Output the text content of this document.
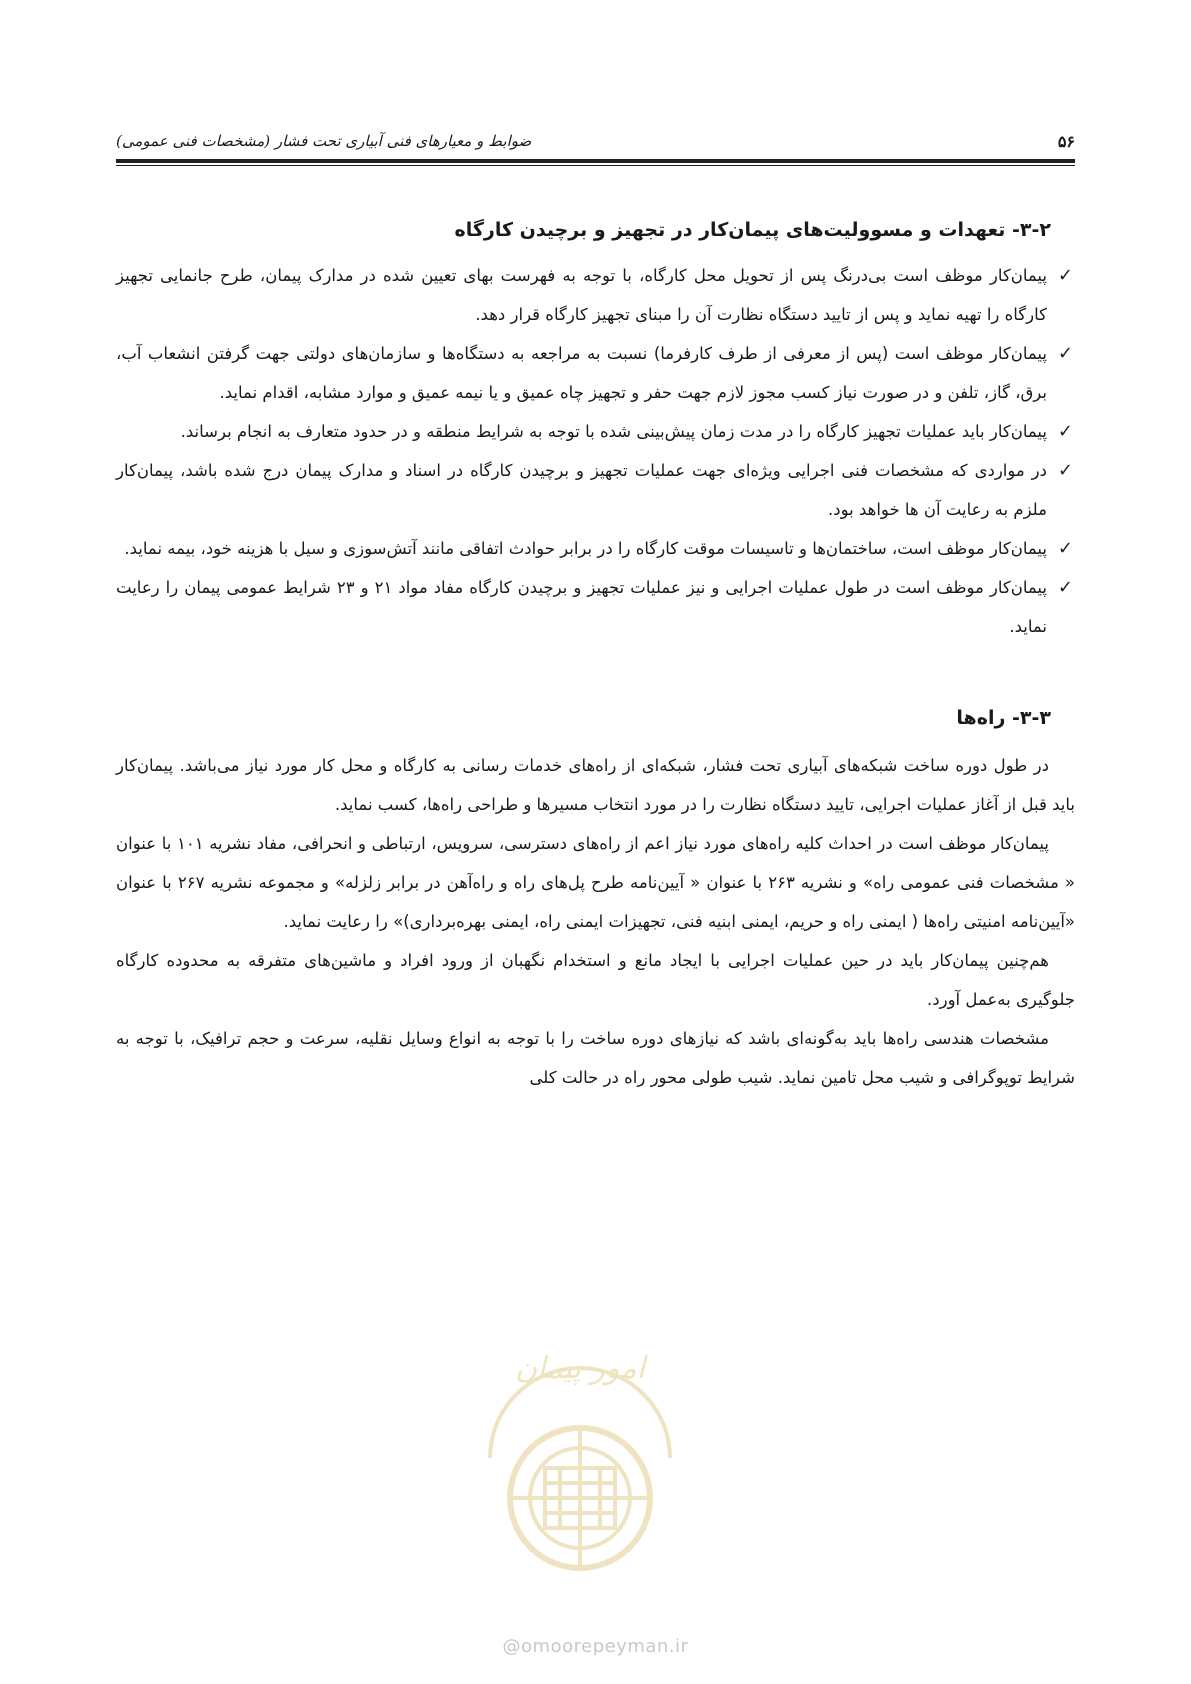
۵۶
ضوابط و معیارهای فنی آبیاری تحت فشار (مشخصات فنی عمومی)
۳-۲- تعهدات و مسوولیت‌های پیمان‌کار در تجهیز و برچیدن کارگاه
✓
پیمان‌کار موظف است بی‌درنگ پس از تحویل محل کارگاه، با توجه به فهرست بهای تعیین شده در مدارک پیمان، طرح جانمایی تجهیز کارگاه را تهیه نماید و پس از تایید دستگاه نظارت آن را مبنای تجهیز کارگاه قرار دهد.
✓
پیمان‌کار موظف است (پس از معرفی از طرف کارفرما) نسبت به مراجعه به دستگاه‌ها و سازمان‌های دولتی جهت گرفتن انشعاب آب، برق، گاز، تلفن و در صورت نیاز کسب مجوز لازم جهت حفر و تجهیز چاه عمیق و یا نیمه عمیق و موارد مشابه، اقدام نماید.
✓
پیمان‌کار باید عملیات تجهیز کارگاه را در مدت زمان پیش‌بینی شده با توجه به شرایط منطقه و در حدود متعارف به انجام برساند.
✓
در مواردی که مشخصات فنی اجرایی ویژه‌ای جهت عملیات تجهیز و برچیدن کارگاه در اسناد و مدارک پیمان درج شده باشد، پیمان‌کار ملزم به رعایت آن ها خواهد بود.
✓
پیمان‌کار موظف است، ساختمان‌ها و تاسیسات موقت کارگاه را در برابر حوادث اتفاقی مانند آتش‌سوزی و سیل با هزینه خود، بیمه نماید.
✓
پیمان‌کار موظف است در طول عملیات اجرایی و نیز عملیات تجهیز و برچیدن کارگاه مفاد مواد ۲۱ و ۲۳ شرایط عمومی پیمان را رعایت نماید.
۳-۳- راه‌ها

در طول دوره ساخت شبکه‌های آبیاری تحت فشار، شبکه‌ای از راه‌های خدمات رسانی به کارگاه و محل کار مورد نیاز می‌باشد. پیمان‌کار باید قبل از آغاز عملیات اجرایی، تایید دستگاه نظارت را در مورد انتخاب مسیرها و طراحی راه‌ها، کسب نماید.

پیمان‌کار موظف است در احداث کلیه راه‌های مورد نیاز اعم از راه‌های دسترسی، سرویس، ارتباطی و انحرافی، مفاد نشریه ۱۰۱ با عنوان « مشخصات فنی عمومی راه» و نشریه ۲۶۳ با عنوان « آیین‌نامه طرح پل‌های راه و راه‌آهن در برابر زلزله» و مجموعه نشریه ۲۶۷ با عنوان «آیین‌نامه امنیتی راه‌ها ( ایمنی راه و حریم، ایمنی ابنیه فنی، تجهیزات ایمنی راه، ایمنی بهره‌برداری)» را رعایت نماید.

هم‌چنین پیمان‌کار باید در حین عملیات اجرایی با ایجاد مانع و استخدام نگهبان از ورود افراد و ماشین‌های متفرقه به محدوده کارگاه جلوگیری به‌عمل آورد.

مشخصات هندسی راه‌ها باید به‌گونه‌ای باشد که نیازهای دوره ساخت را با توجه به انواع وسایل نقلیه، سرعت و حجم ترافیک، با توجه به شرایط توپوگرافی و شیب محل تامین نماید. شیب طولی محور راه در حالت کلی

امور پیمان
@omoorepeyman.ir
